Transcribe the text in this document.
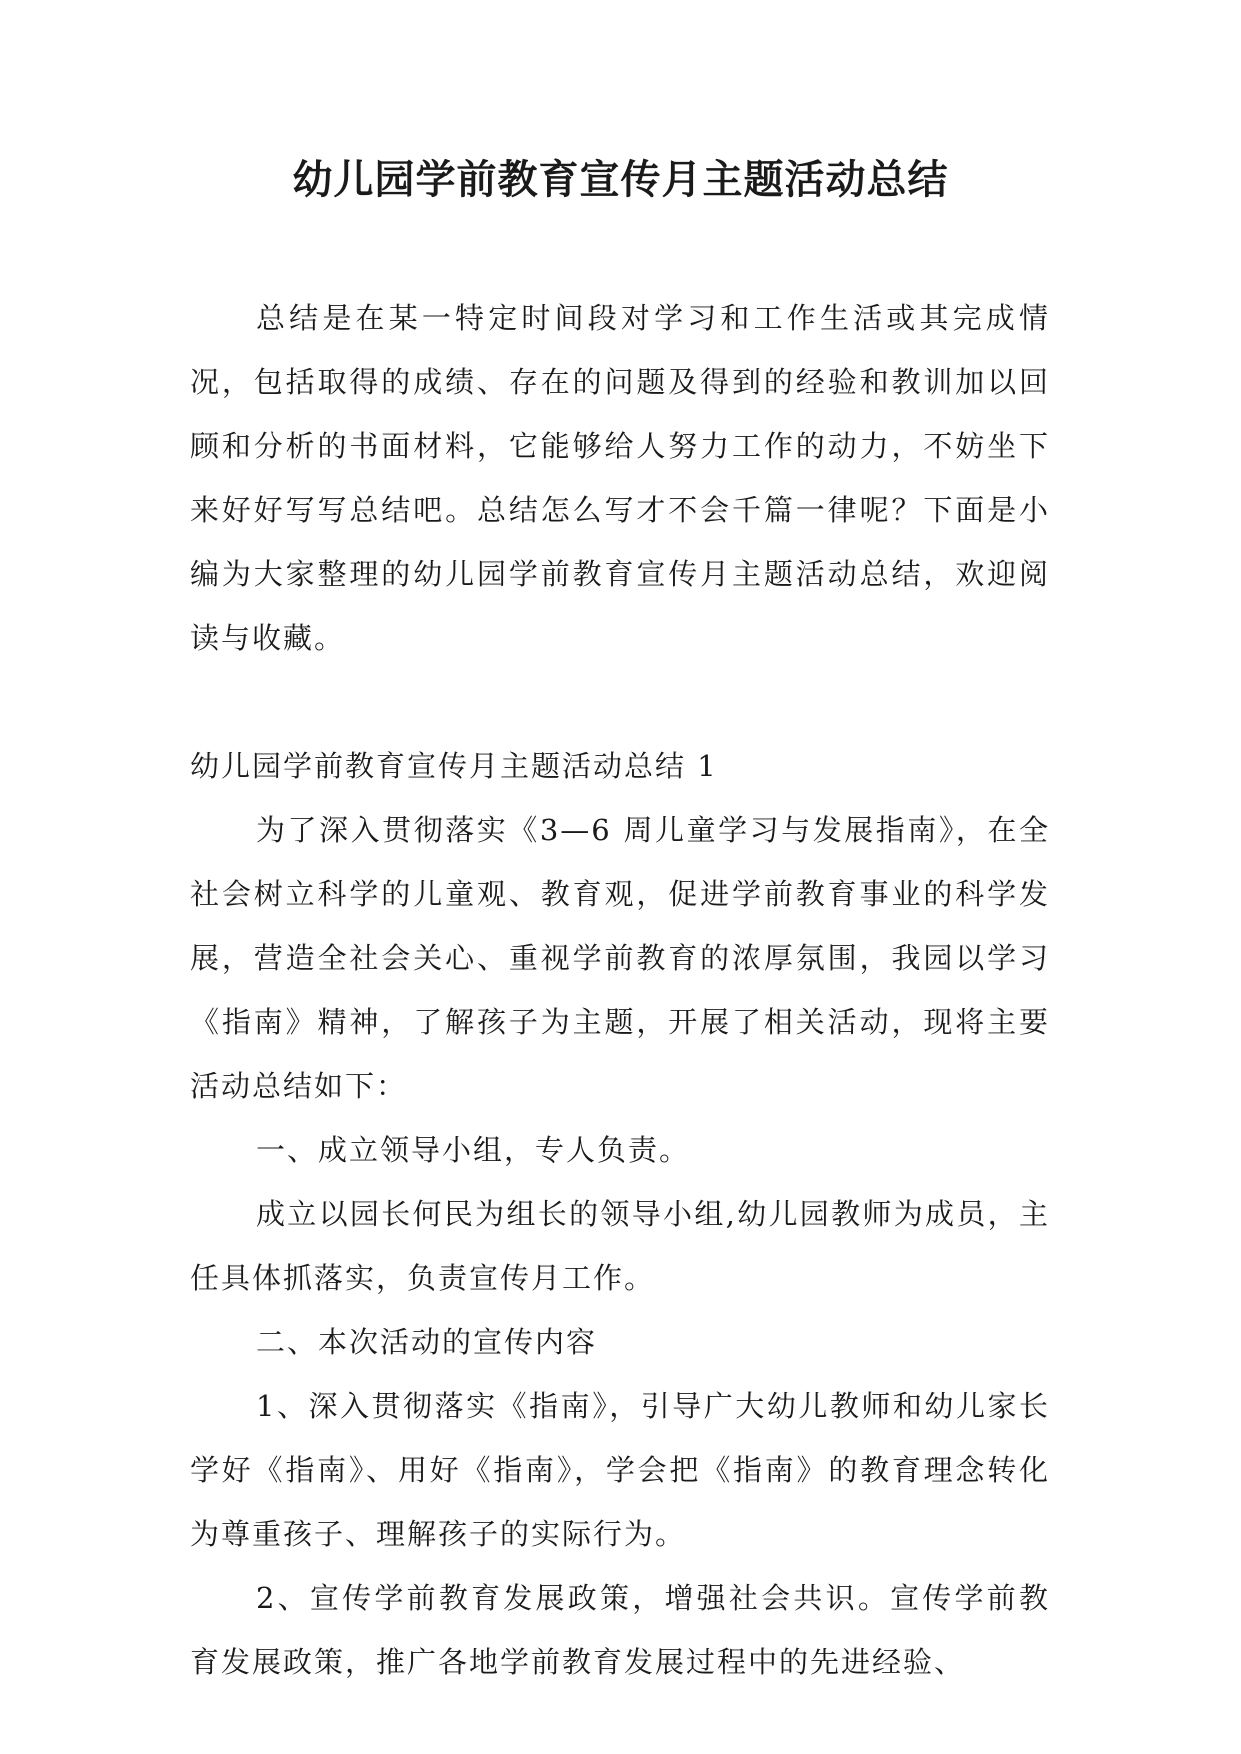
幼儿园学前教育宣传月主题活动总结

总结是在某一特定时间段对学习和工作生活或其完成情况，包括取得的成绩、存在的问题及得到的经验和教训加以回顾和分析的书面材料，它能够给人努力工作的动力，不妨坐下来好好写写总结吧。总结怎么写才不会千篇一律呢？下面是小编为大家整理的幼儿园学前教育宣传月主题活动总结，欢迎阅读与收藏。

幼儿园学前教育宣传月主题活动总结 1

为了深入贯彻落实《3—6 周儿童学习与发展指南》，在全社会树立科学的儿童观、教育观，促进学前教育事业的科学发展，营造全社会关心、重视学前教育的浓厚氛围，我园以学习《指南》精神，了解孩子为主题，开展了相关活动，现将主要活动总结如下：

一、成立领导小组，专人负责。

成立以园长何民为组长的领导小组,幼儿园教师为成员，主任具体抓落实，负责宣传月工作。

二、本次活动的宣传内容

1、深入贯彻落实《指南》，引导广大幼儿教师和幼儿家长学好《指南》、用好《指南》，学会把《指南》的教育理念转化为尊重孩子、理解孩子的实际行为。

2、宣传学前教育发展政策，增强社会共识。宣传学前教育发展政策，推广各地学前教育发展过程中的先进经验、
